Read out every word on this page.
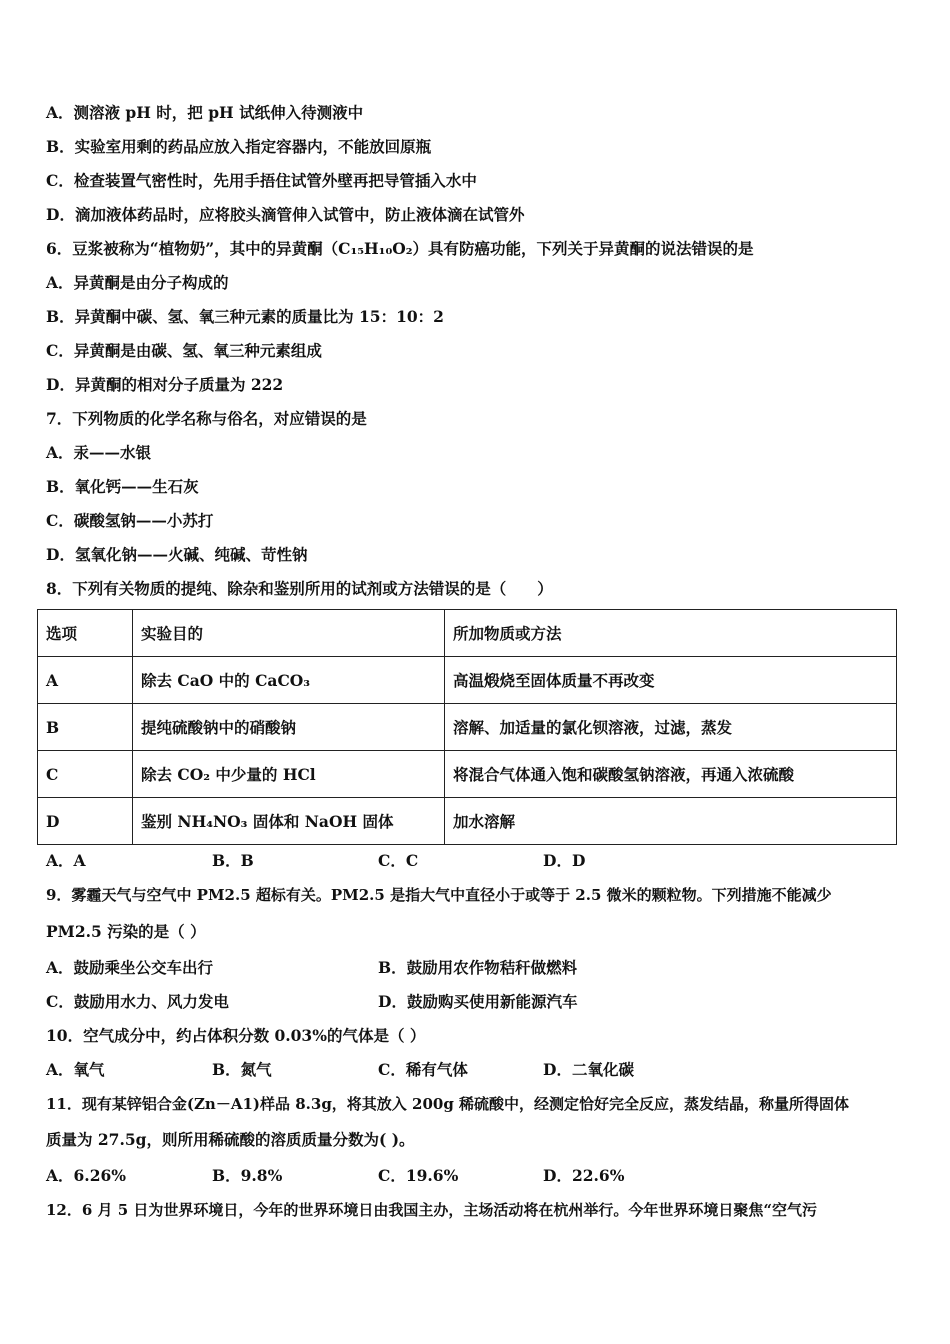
A．测溶液 pH 时，把 pH 试纸伸入待测液中
B．实验室用剩的药品应放入指定容器内，不能放回原瓶
C．检查装置气密性时，先用手捂住试管外壁再把导管插入水中
D．滴加液体药品时，应将胶头滴管伸入试管中，防止液体滴在试管外
6．豆浆被称为“植物奶”，其中的异黄酮（C₁₅H₁₀O₂）具有防癌功能，下列关于异黄酮的说法错误的是
A．异黄酮是由分子构成的
B．异黄酮中碳、氢、氧三种元素的质量比为 15：10：2
C．异黄酮是由碳、氢、氧三种元素组成
D．异黄酮的相对分子质量为 222
7．下列物质的化学名称与俗名，对应错误的是
A．汞——水银
B．氧化钙——生石灰
C．碳酸氢钠——小苏打
D．氢氧化钠——火碱、纯碱、苛性钠
8．下列有关物质的提纯、除杂和鉴别所用的试剂或方法错误的是（　　）
选项	实验目的	所加物质或方法
A	除去 CaO 中的 CaCO₃	高温煅烧至固体质量不再改变
B	提纯硫酸钠中的硝酸钠	溶解、加适量的氯化钡溶液，过滤，蒸发
C	除去 CO₂ 中少量的 HCl	将混合气体通入饱和碳酸氢钠溶液，再通入浓硫酸
D	鉴别 NH₄NO₃ 固体和 NaOH 固体	加水溶解
A．A	B．B	C．C	D．D
9．雾霾天气与空气中 PM2.5 超标有关。PM2.5 是指大气中直径小于或等于 2.5 微米的颗粒物。下列措施不能减少
PM2.5 污染的是（ ）
A．鼓励乘坐公交车出行	B．鼓励用农作物秸秆做燃料
C．鼓励用水力、风力发电	D．鼓励购买使用新能源汽车
10．空气成分中，约占体积分数 0.03%的气体是（ ）
A．氧气	B．氮气	C．稀有气体	D．二氧化碳
11．现有某锌铝合金(Zn－A1)样品 8.3g，将其放入 200g 稀硫酸中，经测定恰好完全反应，蒸发结晶，称量所得固体
质量为 27.5g，则所用稀硫酸的溶质质量分数为( )。
A．6.26%	B．9.8%	C．19.6%	D．22.6%
12．6 月 5 日为世界环境日，今年的世界环境日由我国主办，主场活动将在杭州举行。今年世界环境日聚焦“空气污
